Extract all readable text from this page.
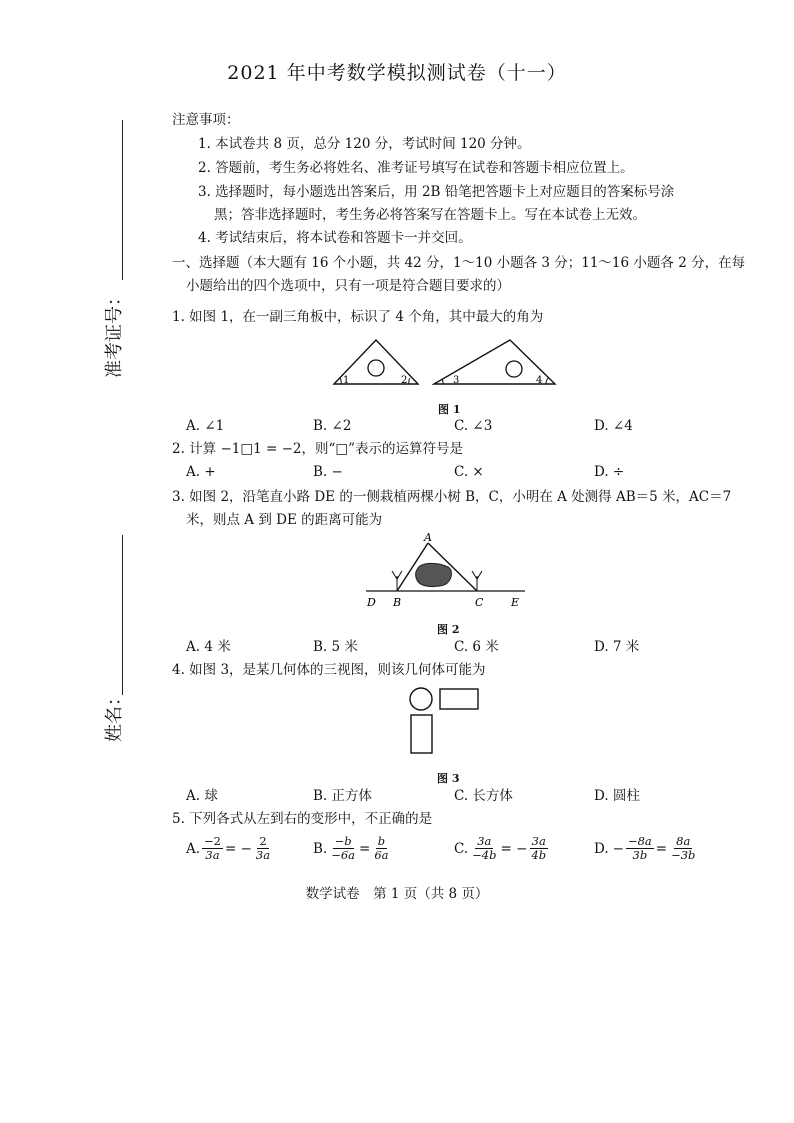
2021 年中考数学模拟测试卷（十一）
准考证号：
姓名：
注意事项：
1. 本试卷共 8 页，总分 120 分，考试时间 120 分钟。
2. 答题前，考生务必将姓名、准考证号填写在试卷和答题卡相应位置上。
3. 选择题时，每小题选出答案后，用 2B 铅笔把答题卡上对应题目的答案标号涂
黑；答非选择题时，考生务必将答案写在答题卡上。写在本试卷上无效。
4. 考试结束后，将本试卷和答题卡一并交回。
一、选择题（本大题有 16 个小题，共 42 分，1～10 小题各 3 分；11～16 小题各 2 分，在每
小题给出的四个选项中，只有一项是符合题目要求的）
1. 如图 1，在一副三角板中，标识了 4 个角，其中最大的角为
1	2	3	4
图 1
A. ∠1	B. ∠2	C. ∠3	D. ∠4
2. 计算 −1□1 = −2，则“□”表示的运算符号是
A. +	B. −	C. ×	D. ÷
3. 如图 2，沿笔直小路 DE 的一侧栽植两棵小树 B，C，小明在 A 处测得 AB＝5 米，AC＝7
米，则点 A 到 DE 的距离可能为
A
B	C
D	E
图 2
A. 4 米	B. 5 米	C. 6 米	D. 7 米
4. 如图 3，是某几何体的三视图，则该几何体可能为
图 3
A. 球	B. 正方体	C. 长方体	D. 圆柱
5. 下列各式从左到右的变形中，不正确的是
A. $\frac{-2}{3a}$ = − $\frac{2}{3a}$	B. $\frac{-b}{-6a} = \frac{b}{6a}$	C. $\frac{3a}{-4b}$ = − $\frac{3a}{4b}$	D. − $\frac{-8a}{3b} = \frac{8a}{-3b}$
数学试卷　第 1 页（共 8 页）
